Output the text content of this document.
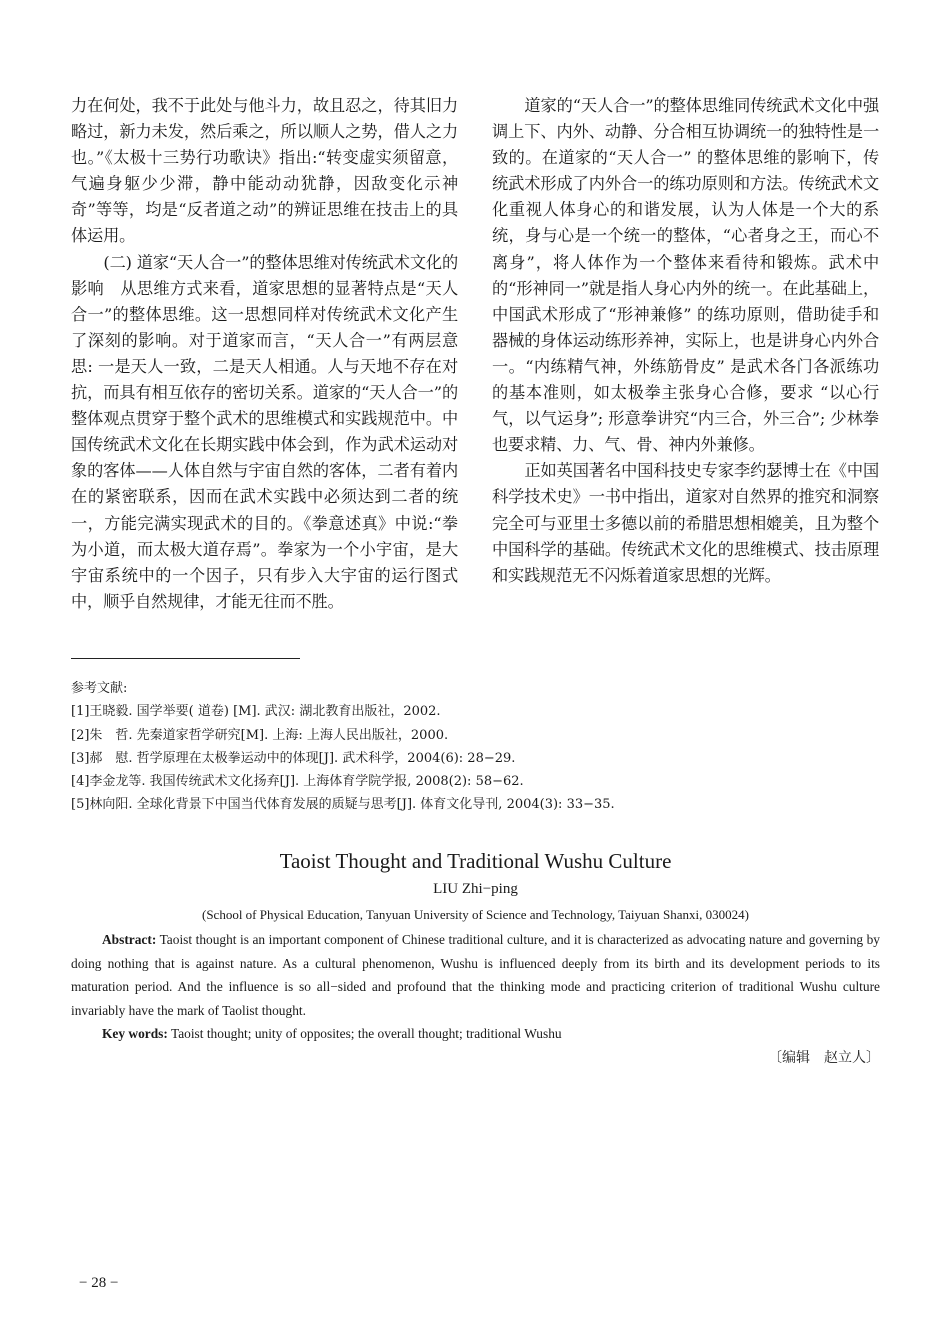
力在何处，我不于此处与他斗力，故且忍之，待其旧力略过，新力未发，然后乘之，所以顺人之势，借人之力也。”《太极十三势行功歌诀》指出:“转变虚实须留意，气遍身躯少少滞，静中能动动犹静，因敌变化示神奇”等等，均是“反者道之动”的辨证思维在技击上的具体运用。

(二) 道家“天人合一”的整体思维对传统武术文化的影响　从思维方式来看，道家思想的显著特点是“天人合一”的整体思维。这一思想同样对传统武术文化产生了深刻的影响。对于道家而言，“天人合一”有两层意思: 一是天人一致，二是天人相通。人与天地不存在对抗，而具有相互依存的密切关系。道家的“天人合一”的整体观点贯穿于整个武术的思维模式和实践规范中。中国传统武术文化在长期实践中体会到，作为武术运动对象的客体——人体自然与宇宙自然的客体，二者有着内在的紧密联系，因而在武术实践中必须达到二者的统一，方能完满实现武术的目的。《拳意述真》中说:“拳为小道，而太极大道存焉”。拳家为一个小宇宙，是大宇宙系统中的一个因子，只有步入大宇宙的运行图式中，顺乎自然规律，才能无往而不胜。

道家的“天人合一”的整体思维同传统武术文化中强调上下、内外、动静、分合相互协调统一的独特性是一致的。在道家的“天人合一” 的整体思维的影响下，传统武术形成了内外合一的练功原则和方法。传统武术文化重视人体身心的和谐发展，认为人体是一个大的系统，身与心是一个统一的整体，“心者身之王，而心不离身”，将人体作为一个整体来看待和锻炼。武术中的“形神同一”就是指人身心内外的统一。在此基础上，中国武术形成了“形神兼修” 的练功原则，借助徒手和器械的身体运动练形养神，实际上，也是讲身心内外合一。“内练精气神，外练筋骨皮” 是武术各门各派练功的基本准则，如太极拳主张身心合修，要求 “以心行气，以气运身”; 形意拳讲究“内三合，外三合”; 少林拳也要求精、力、气、骨、神内外兼修。

正如英国著名中国科技史专家李约瑟博士在《中国科学技术史》一书中指出，道家对自然界的推究和洞察完全可与亚里士多德以前的希腊思想相媲美，且为整个中国科学的基础。传统武术文化的思维模式、技击原理和实践规范无不闪烁着道家思想的光辉。

参考文献:
[1]王晓毅. 国学举要( 道卷) [M]. 武汉: 湖北教育出版社，2002.
[2]朱　哲. 先秦道家哲学研究[M]. 上海: 上海人民出版社，2000.
[3]郝　慰. 哲学原理在太极拳运动中的体现[J]. 武术科学，2004(6): 28−29.
[4]李金龙等. 我国传统武术文化扬弃[J]. 上海体育学院学报, 2008(2): 58−62.
[5]林向阳. 全球化背景下中国当代体育发展的质疑与思考[J]. 体育文化导刊, 2004(3): 33−35.
Taoist Thought and Traditional Wushu Culture
LIU Zhi−ping
(School of Physical Education, Tanyuan University of Science and Technology, Taiyuan Shanxi, 030024)

Abstract: Taoist thought is an important component of Chinese traditional culture, and it is characterized as advocating nature and governing by doing nothing that is against nature. As a cultural phenomenon, Wushu is influenced deeply from its birth and its development periods to its maturation period. And the influence is so all−sided and profound that the thinking mode and practicing criterion of traditional Wushu culture invariably have the mark of Taolist thought.

Key words: Taoist thought; unity of opposites; the overall thought; traditional Wushu

〔编辑　赵立人〕
− 28 −
